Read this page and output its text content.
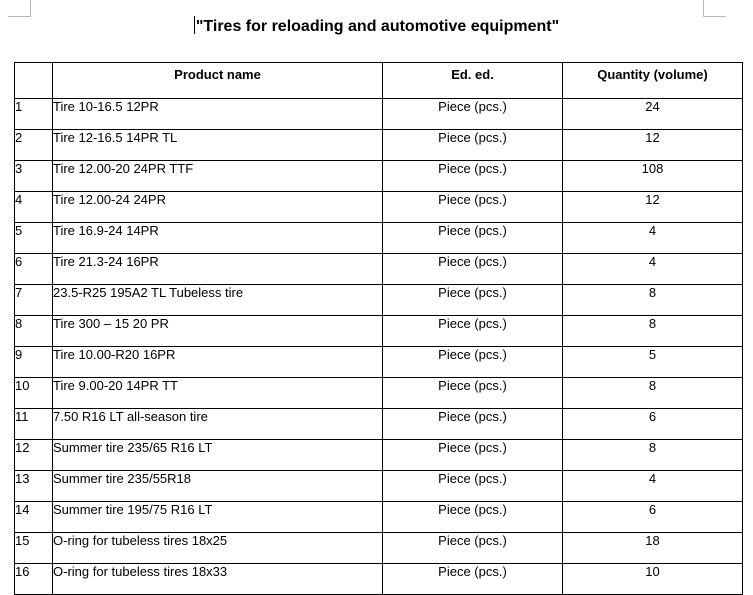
"Tires for reloading and automotive equipment"
	Product name	Ed. ed.	Quantity (volume)
1	Tire 10-16.5 12PR	Piece (pcs.)	24
2	Tire 12-16.5 14PR TL	Piece (pcs.)	12
3	Tire 12.00-20 24PR TTF	Piece (pcs.)	108
4	Tire 12.00-24 24PR	Piece (pcs.)	12
5	Tire 16.9-24 14PR	Piece (pcs.)	4
6	Tire 21.3-24 16PR	Piece (pcs.)	4
7	23.5-R25 195A2 TL Tubeless tire	Piece (pcs.)	8
8	Tire 300 – 15 20 PR	Piece (pcs.)	8
9	Tire 10.00-R20 16PR	Piece (pcs.)	5
10	Tire 9.00-20 14PR TT	Piece (pcs.)	8
11	7.50 R16 LT all-season tire	Piece (pcs.)	6
12	Summer tire 235/65 R16 LT	Piece (pcs.)	8
13	Summer tire 235/55R18	Piece (pcs.)	4
14	Summer tire 195/75 R16 LT	Piece (pcs.)	6
15	O-ring for tubeless tires 18x25	Piece (pcs.)	18
16	O-ring for tubeless tires 18x33	Piece (pcs.)	10
